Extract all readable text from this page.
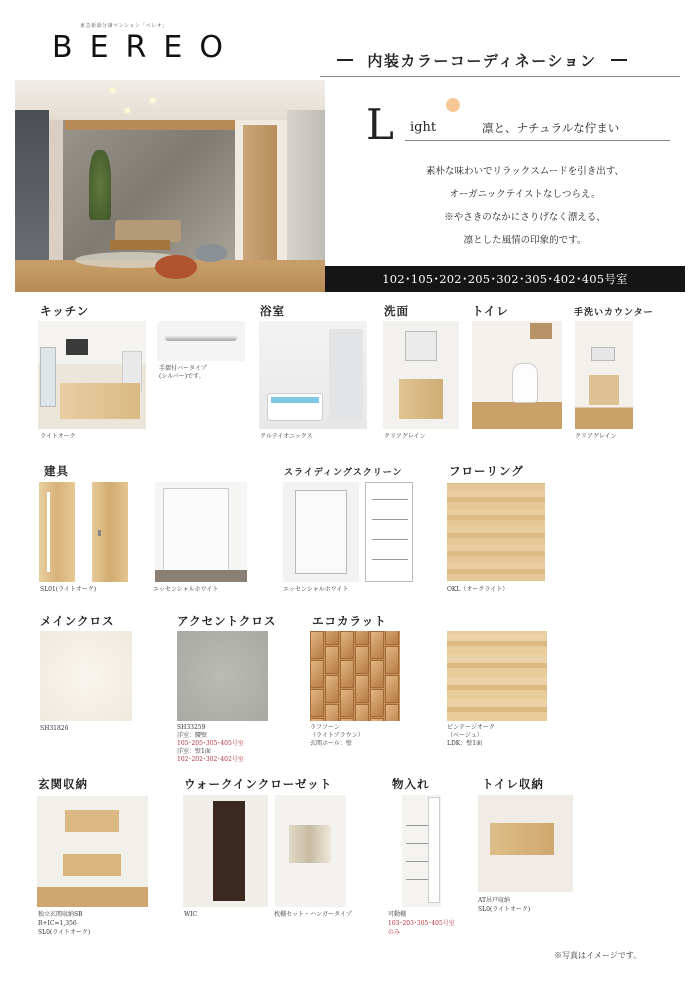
東急新築分譲マンション「ベレオ」
BEREO	内装カラーコーディネーション
L ight	凛と、ナチュラルな佇まい
素朴な味わいでリラックスムードを引き出す、
オーガニックテイストなしつらえ。
※やさきのなかにさりげなく漂える、
凛とした風情の印象的です。
102･105･202･205･302･305･402･405号室
キッチン
ライトオーク
手摺付バータイプ
(シルバー)です。
浴室
クルテイオニックス
洗面
クリアグレイン
トイレ	手洗いカウンター
クリアグレイン
建具
SL01(ライトオーク)	エッセンシャルホワイト
スライディングスクリーン
エッセンシャルホワイト
フローリング
OKL（オークライト）
メインクロス
SH31826
アクセントクロス
SH33259
洋室：腰壁
105･205･305･405号室
洋室：壁1面
102･202･302･402号室
エコカラット
ラフソーン
（ライトブラウン）
玄関ホール：壁
ピンテージオーク
（ベージュ）
LDK：壁1面
玄関収納
独立玄関収納SB
R+IC=1,356
SL0(ライトオーク)
ウォークインクローゼット
WIC	枕棚セット・ハンガータイプ
物入れ
可動棚
103･203･305･405号室
のみ
トイレ収納
AT吊戸収納
SL0(ライトオーク)
※写真はイメージです。
